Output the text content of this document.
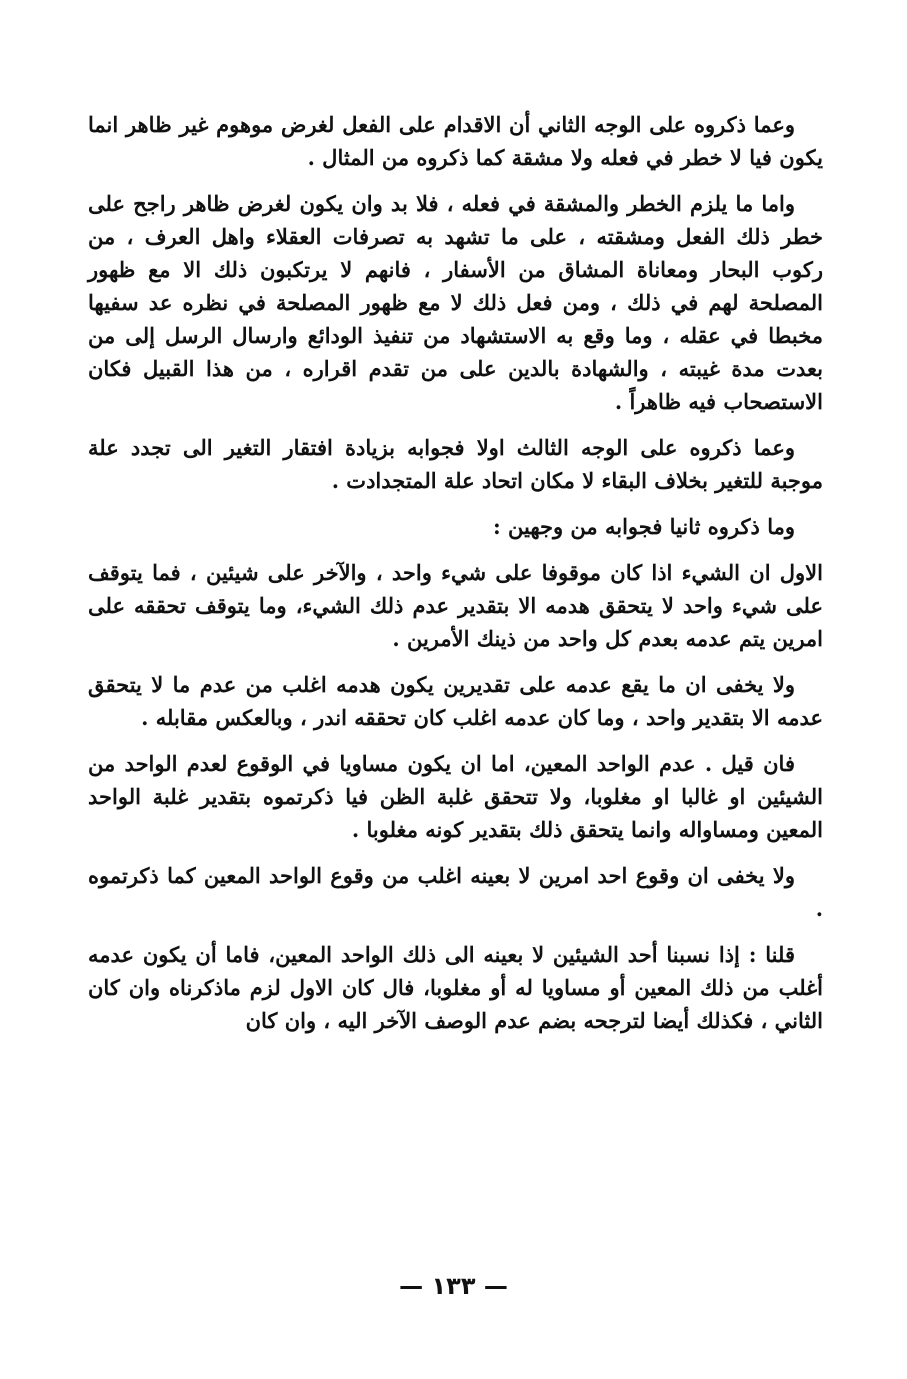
وعما ذكروه على الوجه الثاني أن الاقدام على الفعل لغرض موهوم غير ظاهر انما يكون فيا لا خطر في فعله ولا مشقة كما ذكروه من المثال .

واما ما يلزم الخطر والمشقة في فعله ، فلا بد وان يكون لغرض ظاهر راجح على خطر ذلك الفعل ومشقته ، على ما تشهد به تصرفات العقلاء واهل العرف ، من ركوب البحار ومعاناة المشاق من الأسفار ، فانهم لا يرتكبون ذلك الا مع ظهور المصلحة لهم في ذلك ، ومن فعل ذلك لا مع ظهور المصلحة في نظره عد سفيها مخبطا في عقله ، وما وقع به الاستشهاد من تنفيذ الودائع وارسال الرسل إلى من بعدت مدة غيبته ، والشهادة بالدين على من تقدم اقراره ، من هذا القبيل فكان الاستصحاب فيه ظاهراً .

وعما ذكروه على الوجه الثالث اولا فجوابه بزيادة افتقار التغير الى تجدد علة موجبة للتغير بخلاف البقاء لا مكان اتحاد علة المتجدادت .

وما ذكروه ثانيا فجوابه من وجهين :

الاول ان الشيء اذا كان موقوفا على شيء واحد ، والآخر على شيئين ، فما يتوقف على شيء واحد لا يتحقق هدمه الا بتقدير عدم ذلك الشيء، وما يتوقف تحققه على امرين يتم عدمه بعدم كل واحد من ذينك الأمرين .

ولا يخفى ان ما يقع عدمه على تقديرين يكون هدمه اغلب من عدم ما لا يتحقق عدمه الا بتقدير واحد ، وما كان عدمه اغلب كان تحققه اندر ، وبالعكس مقابله .

فان قيل . عدم الواحد المعين، اما ان يكون مساويا في الوقوع لعدم الواحد من الشيئين او غالبا او مغلوبا، ولا تتحقق غلبة الظن فيا ذكرتموه بتقدير غلبة الواحد المعين ومساواله وانما يتحقق ذلك بتقدير كونه مغلوبا .

ولا يخفى ان وقوع احد امرين لا بعينه اغلب من وقوع الواحد المعين كما ذكرتموه .

قلنا : إذا نسبنا أحد الشيئين لا بعينه الى ذلك الواحد المعين، فاما أن يكون عدمه أغلب من ذلك المعين أو مساويا له أو مغلوبا، فال كان الاول لزم ماذكرناه وان كان الثاني ، فكذلك أيضا لترجحه بضم عدم الوصف الآخر اليه ، وان كان

— ١٣٣ —
